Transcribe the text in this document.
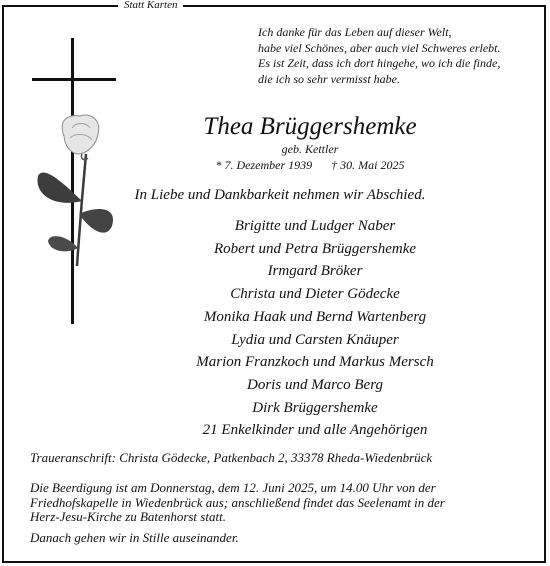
Statt Karten
Ich danke für das Leben auf dieser Welt,
habe viel Schönes, aber auch viel Schweres erlebt.
Es ist Zeit, dass ich dort hingehe, wo ich die finde,
die ich so sehr vermisst habe.
Thea Brüggershemke
geb. Kettler
* 7. Dezember 1939 † 30. Mai 2025
In Liebe und Dankbarkeit nehmen wir Abschied.
Brigitte und Ludger Naber
Robert und Petra Brüggershemke
Irmgard Bröker
Christa und Dieter Gödecke
Monika Haak und Bernd Wartenberg
Lydia und Carsten Knäuper
Marion Franzkoch und Markus Mersch
Doris und Marco Berg
Dirk Brüggershemke
21 Enkelkinder und alle Angehörigen
Traueranschrift: Christa Gödecke, Patkenbach 2, 33378 Rheda-Wiedenbrück
Die Beerdigung ist am Donnerstag, dem 12. Juni 2025, um 14.00 Uhr von der
Friedhofskapelle in Wiedenbrück aus; anschließend findet das Seelenamt in der
Herz-Jesu-Kirche zu Batenhorst statt.
Danach gehen wir in Stille auseinander.
